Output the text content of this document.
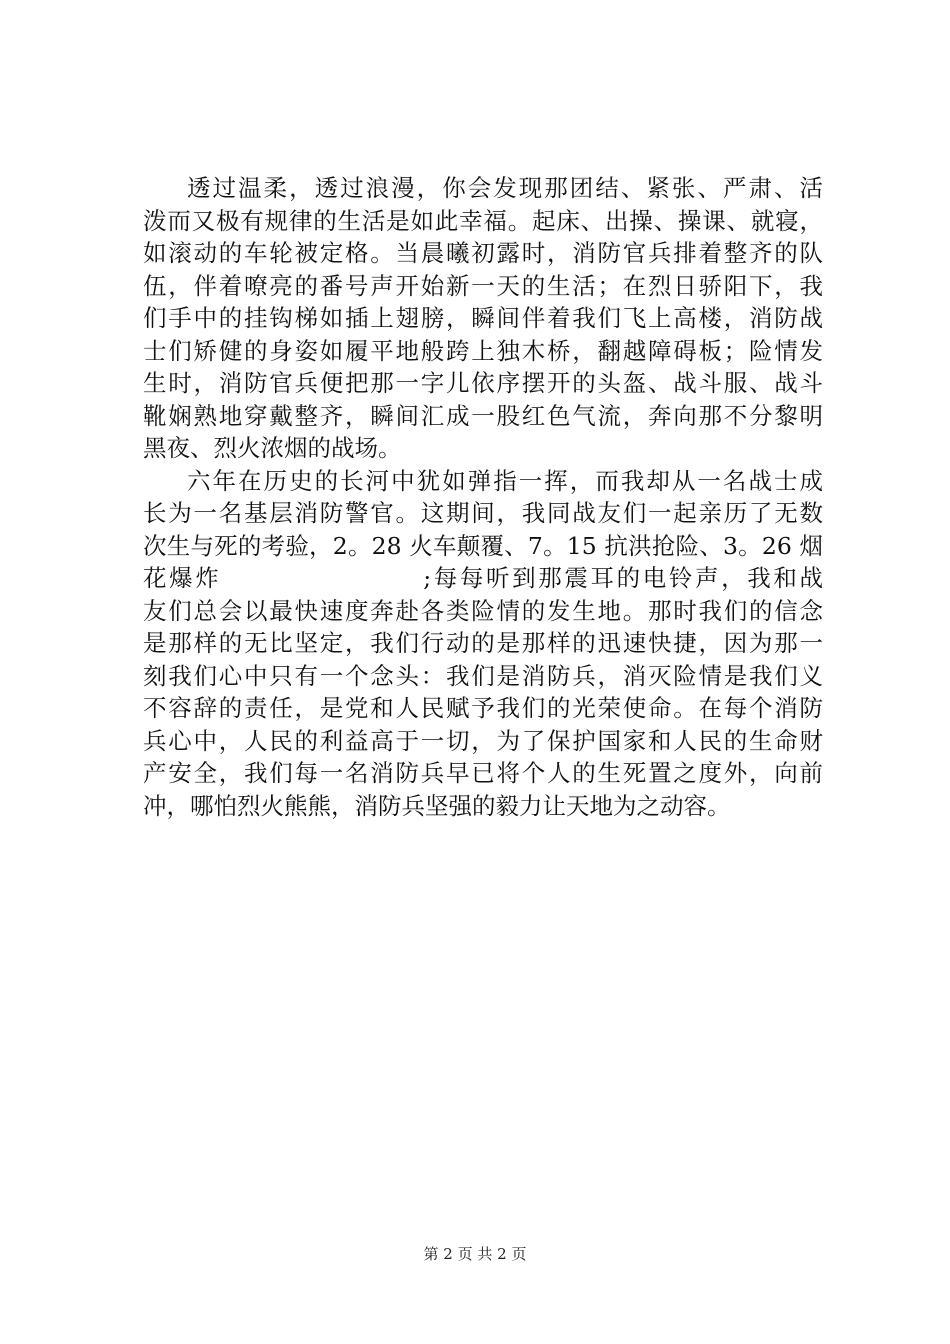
透过温柔，透过浪漫，你会发现那团结、紧张、严肃、活
泼而又极有规律的生活是如此幸福。起床、出操、操课、就寝，
如滚动的车轮被定格。当晨曦初露时，消防官兵排着整齐的队
伍，伴着嘹亮的番号声开始新一天的生活；在烈日骄阳下，我
们手中的挂钩梯如插上翅膀，瞬间伴着我们飞上高楼，消防战
士们矫健的身姿如履平地般跨上独木桥，翻越障碍板；险情发
生时，消防官兵便把那一字儿依序摆开的头盔、战斗服、战斗
靴娴熟地穿戴整齐，瞬间汇成一股红色气流，奔向那不分黎明
黑夜、烈火浓烟的战场。
六年在历史的长河中犹如弹指一挥，而我却从一名战士成
长为一名基层消防警官。这期间，我同战友们一起亲历了无数
次生与死的考验，2。28 火车颠覆、7。15 抗洪抢险、3。26 烟
花爆炸                    ;每每听到那震耳的电铃声，我和战
友们总会以最快速度奔赴各类险情的发生地。那时我们的信念
是那样的无比坚定，我们行动的是那样的迅速快捷，因为那一
刻我们心中只有一个念头：我们是消防兵，消灭险情是我们义
不容辞的责任，是党和人民赋予我们的光荣使命。在每个消防
兵心中，人民的利益高于一切，为了保护国家和人民的生命财
产安全，我们每一名消防兵早已将个人的生死置之度外，向前
冲，哪怕烈火熊熊，消防兵坚强的毅力让天地为之动容。
第 2 页 共 2 页
